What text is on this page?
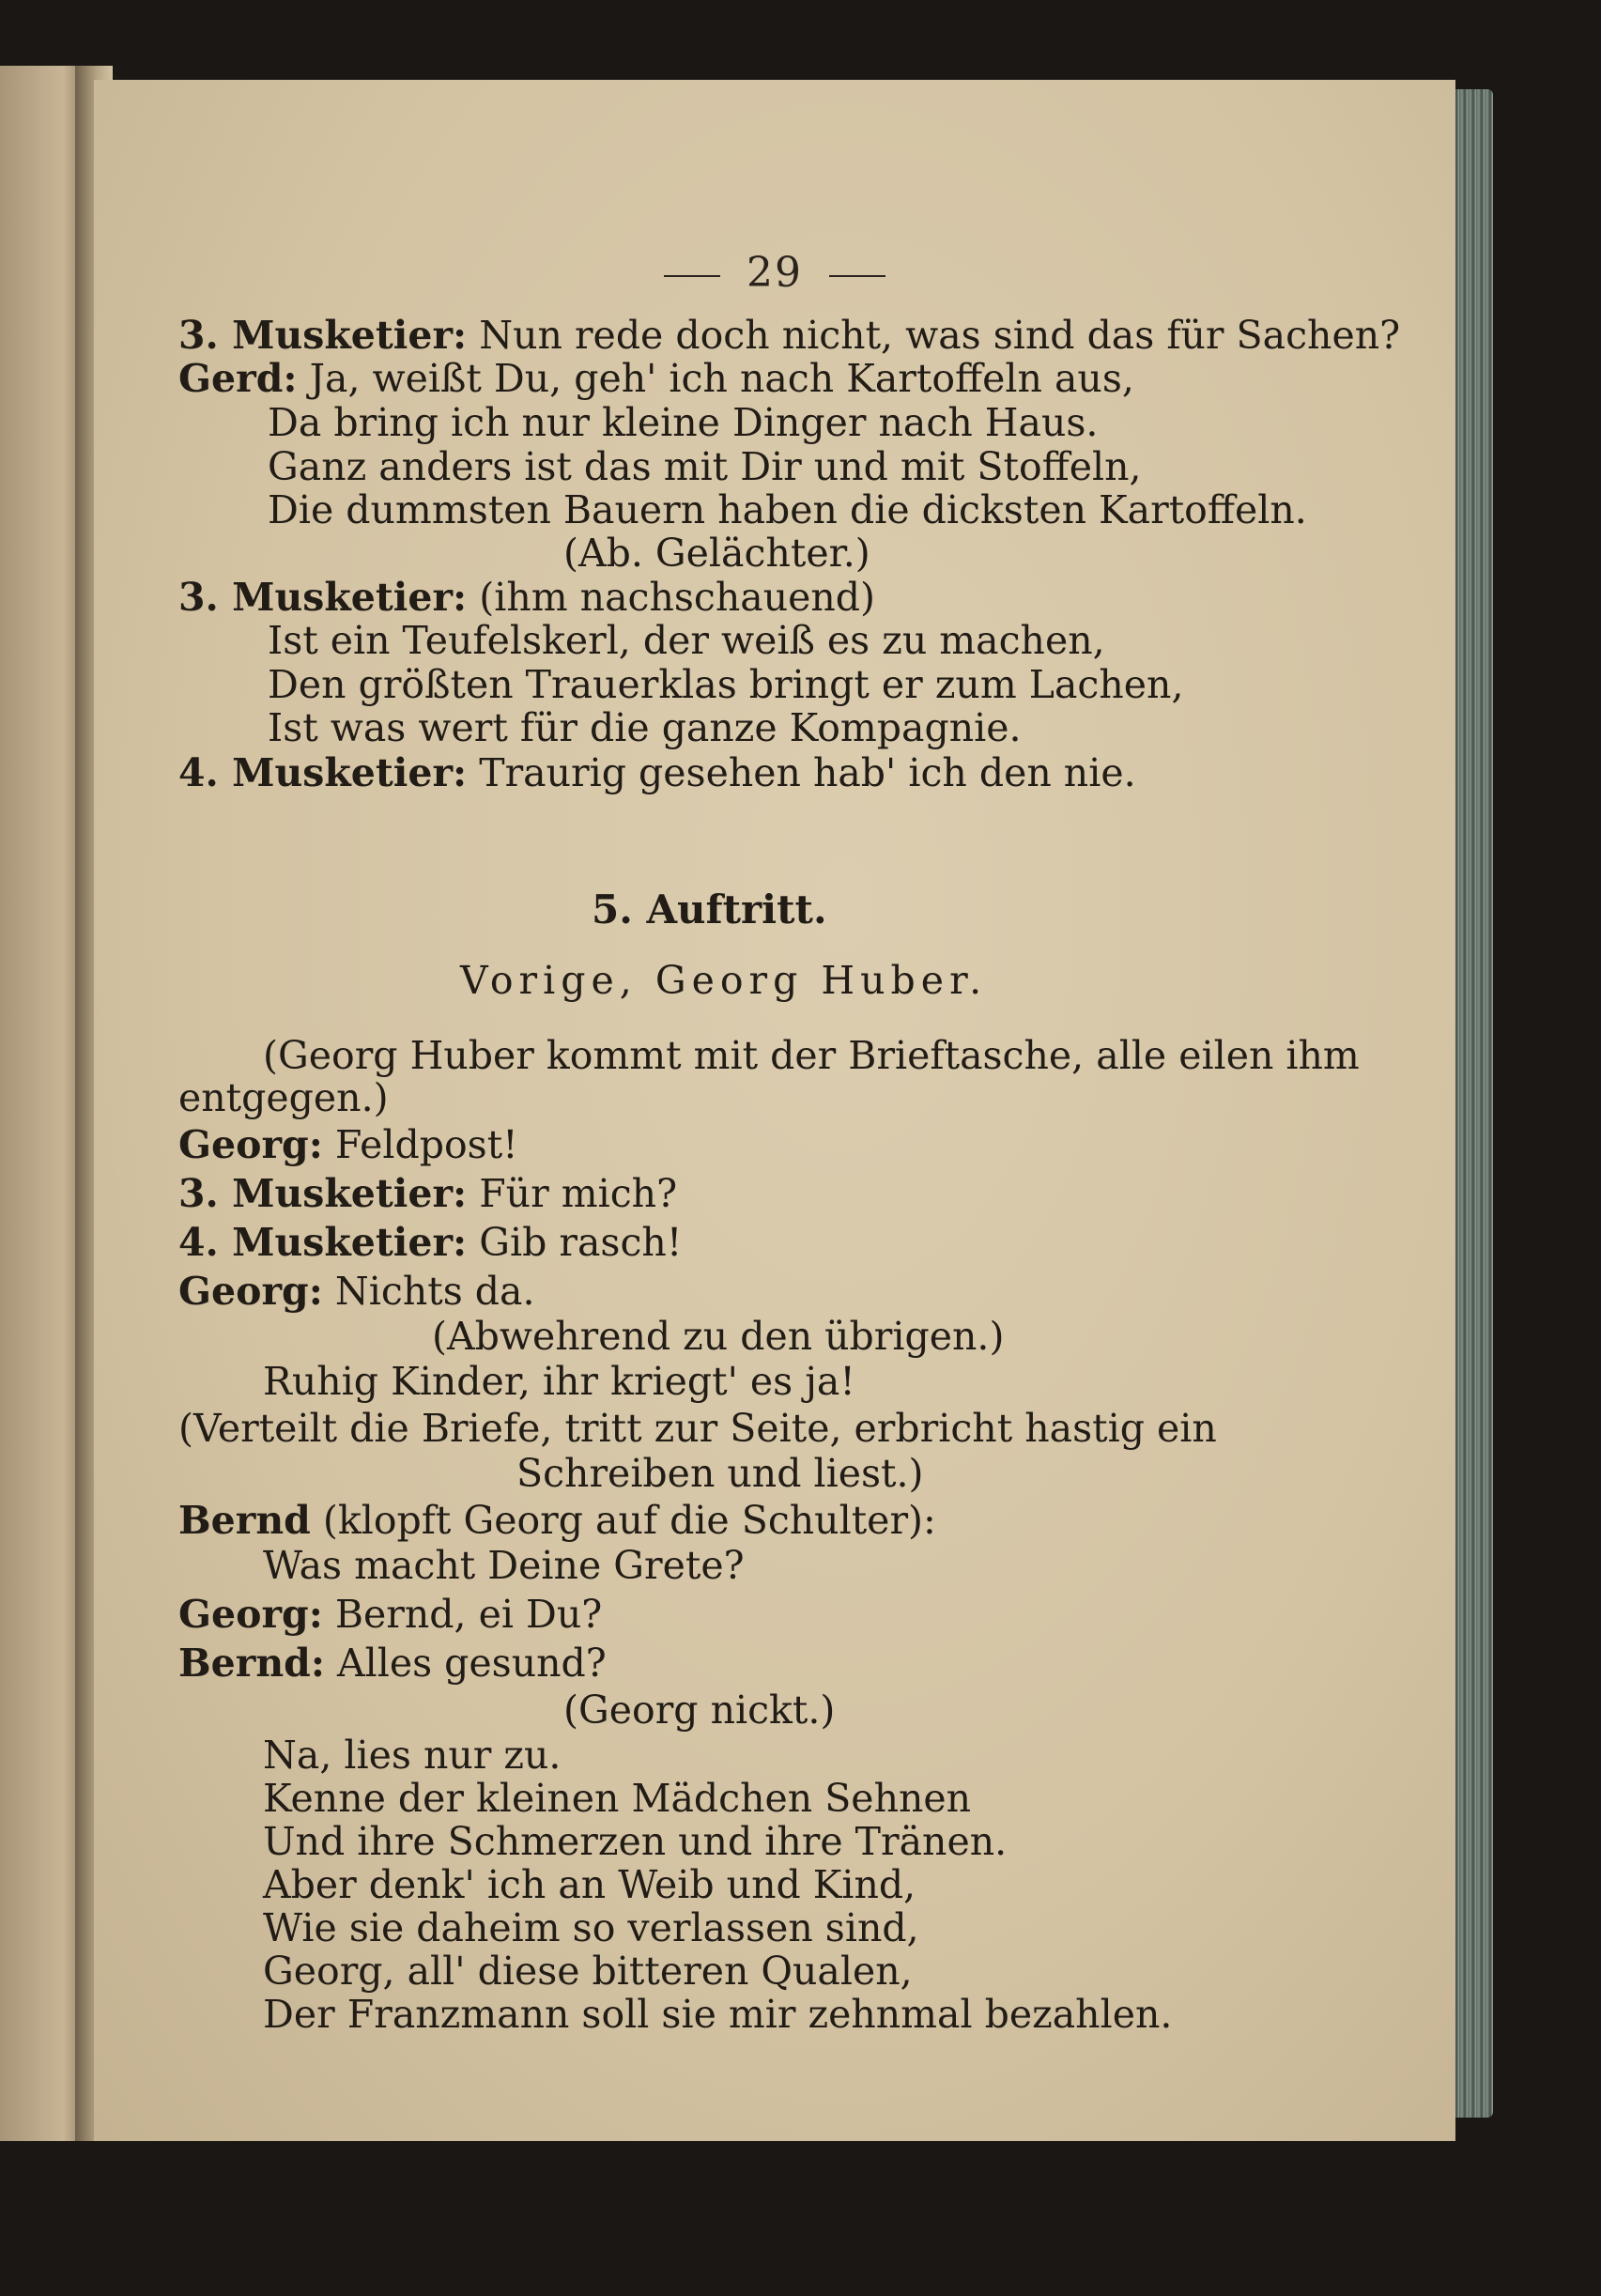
29
3. Musketier: Nun rede doch nicht, was sind das für Sachen?
Gerd: Ja, weißt Du, geh' ich nach Kartoffeln aus,
Da bring ich nur kleine Dinger nach Haus.
Ganz anders ist das mit Dir und mit Stoffeln,
Die dummsten Bauern haben die dicksten Kartoffeln.
(Ab. Gelächter.)
3. Musketier: (ihm nachschauend)
Ist ein Teufelskerl, der weiß es zu machen,
Den größten Trauerklas bringt er zum Lachen,
Ist was wert für die ganze Kompagnie.
4. Musketier: Traurig gesehen hab' ich den nie.
5. Auftritt.
Vorige, Georg Huber.
(Georg Huber kommt mit der Brieftasche, alle eilen ihm
entgegen.)
Georg: Feldpost!
3. Musketier: Für mich?
4. Musketier: Gib rasch!
Georg: Nichts da.
(Abwehrend zu den übrigen.)
Ruhig Kinder, ihr kriegt' es ja!
(Verteilt die Briefe, tritt zur Seite, erbricht hastig ein
Schreiben und liest.)
Bernd (klopft Georg auf die Schulter):
Was macht Deine Grete?
Georg: Bernd, ei Du?
Bernd: Alles gesund?
(Georg nickt.)
Na, lies nur zu.
Kenne der kleinen Mädchen Sehnen
Und ihre Schmerzen und ihre Tränen.
Aber denk' ich an Weib und Kind,
Wie sie daheim so verlassen sind,
Georg, all' diese bitteren Qualen,
Der Franzmann soll sie mir zehnmal bezahlen.
